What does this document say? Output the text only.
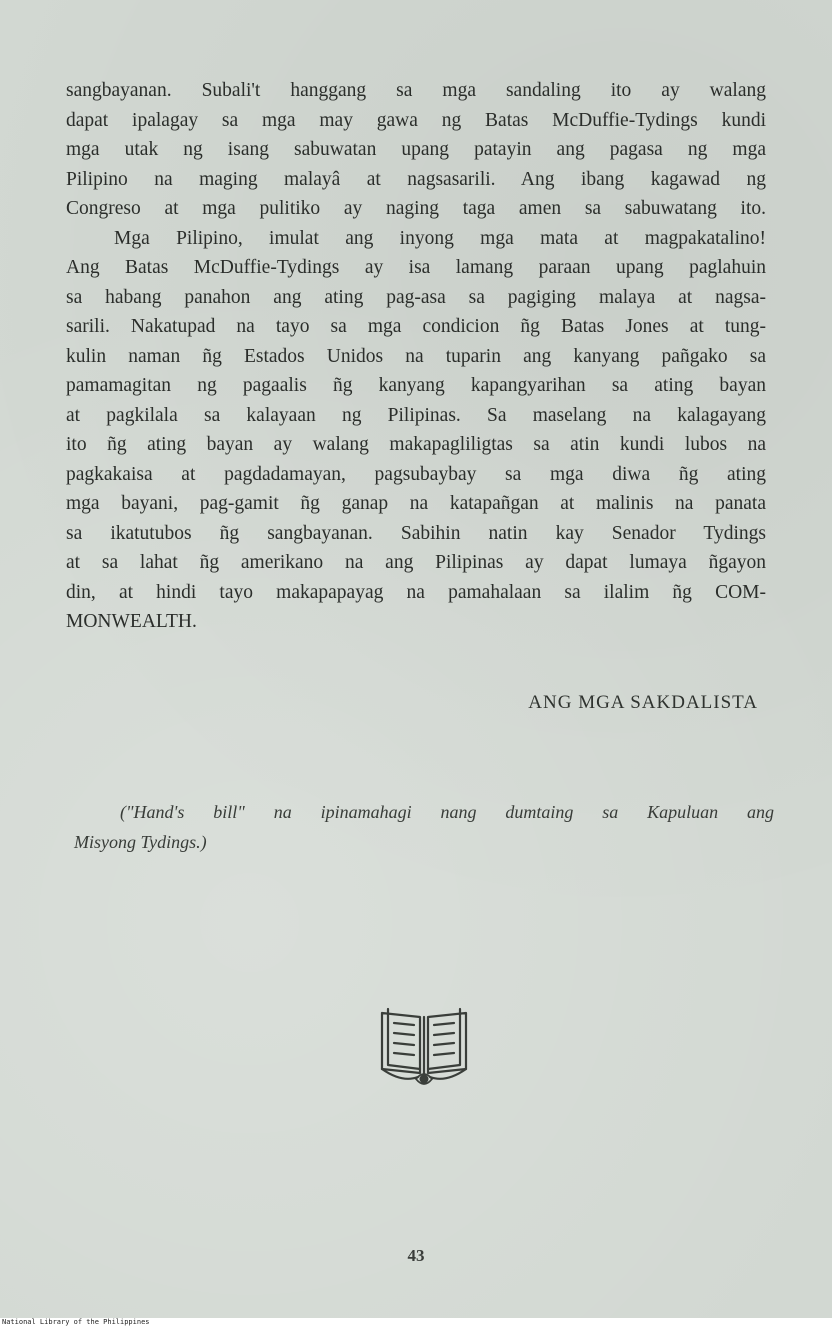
sangbayanan. Subali't hanggang sa mga sandaling ito ay walang
dapat ipalagay sa mga may gawa ng Batas McDuffie-Tydings kundi
mga utak ng isang sabuwatan upang patayin ang pagasa ng mga
Pilipino na maging malayâ at nagsasarili. Ang ibang kagawad ng
Congreso at mga pulitiko ay naging taga amen sa sabuwatang ito.
Mga Pilipino, imulat ang inyong mga mata at magpakatalino!
Ang Batas McDuffie-Tydings ay isa lamang paraan upang paglahuin
sa habang panahon ang ating pag-asa sa pagiging malaya at nagsa-
sarili. Nakatupad na tayo sa mga condicion ñg Batas Jones at tung-
kulin naman ñg Estados Unidos na tuparin ang kanyang pañgako sa
pamamagitan ng pagaalis ñg kanyang kapangyarihan sa ating bayan
at pagkilala sa kalayaan ng Pilipinas. Sa maselang na kalagayang
ito ñg ating bayan ay walang makapagliligtas sa atin kundi lubos na
pagkakaisa at pagdadamayan, pagsubaybay sa mga diwa ñg ating
mga bayani, pag-gamit ñg ganap na katapañgan at malinis na panata
sa ikatutubos ñg sangbayanan. Sabihin natin kay Senador Tydings
at sa lahat ñg amerikano na ang Pilipinas ay dapat lumaya ñgayon
din, at hindi tayo makapapayag na pamahalaan sa ilalim ñg COM-
MONWEALTH.
ANG MGA SAKDALISTA
("Hand's bill" na ipinamahagi nang dumtaing sa Kapuluan ang
Misyong Tydings.)
43
National Library of the Philippines
